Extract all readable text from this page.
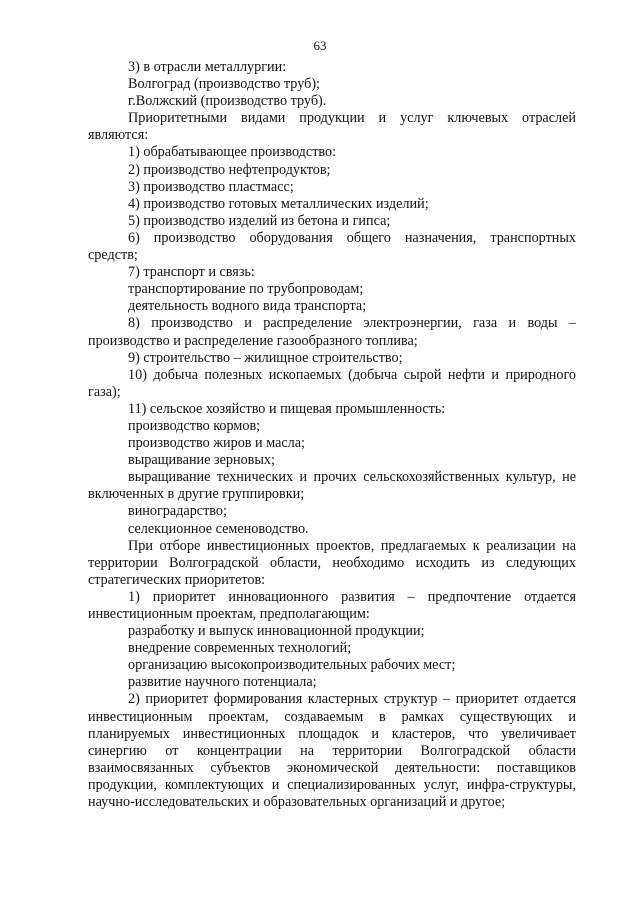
63
3) в отрасли металлургии:
Волгоград (производство труб);
г.Волжский (производство труб).
Приоритетными видами продукции и услуг ключевых отраслей являются:
1) обрабатывающее производство:
2) производство нефтепродуктов;
3) производство пластмасс;
4) производство готовых металлических изделий;
5) производство изделий из бетона и гипса;
6) производство оборудования общего назначения, транспортных средств;
7) транспорт и связь:
транспортирование по трубопроводам;
деятельность водного вида транспорта;
8) производство и распределение электроэнергии, газа и воды – производство и распределение газообразного топлива;
9) строительство – жилищное строительство;
10) добыча полезных ископаемых (добыча сырой нефти и природного газа);
11) сельское хозяйство и пищевая промышленность:
производство кормов;
производство жиров и масла;
выращивание зерновых;
выращивание технических и прочих сельскохозяйственных культур, не включенных в другие группировки;
виноградарство;
селекционное семеноводство.
При отборе инвестиционных проектов, предлагаемых к реализации на территории Волгоградской области, необходимо исходить из следующих стратегических приоритетов:
1) приоритет инновационного развития – предпочтение отдается инвестиционным проектам, предполагающим:
разработку и выпуск инновационной продукции;
внедрение современных технологий;
организацию высокопроизводительных рабочих мест;
развитие научного потенциала;
2) приоритет формирования кластерных структур – приоритет отдается инвестиционным проектам, создаваемым в рамках существующих и планируемых инвестиционных площадок и кластеров, что увеличивает синергию от концентрации на территории Волгоградской области взаимосвязанных субъектов экономической деятельности: поставщиков продукции, комплектующих и специализированных услуг, инфра-структуры, научно-исследовательских и образовательных организаций и другое;
